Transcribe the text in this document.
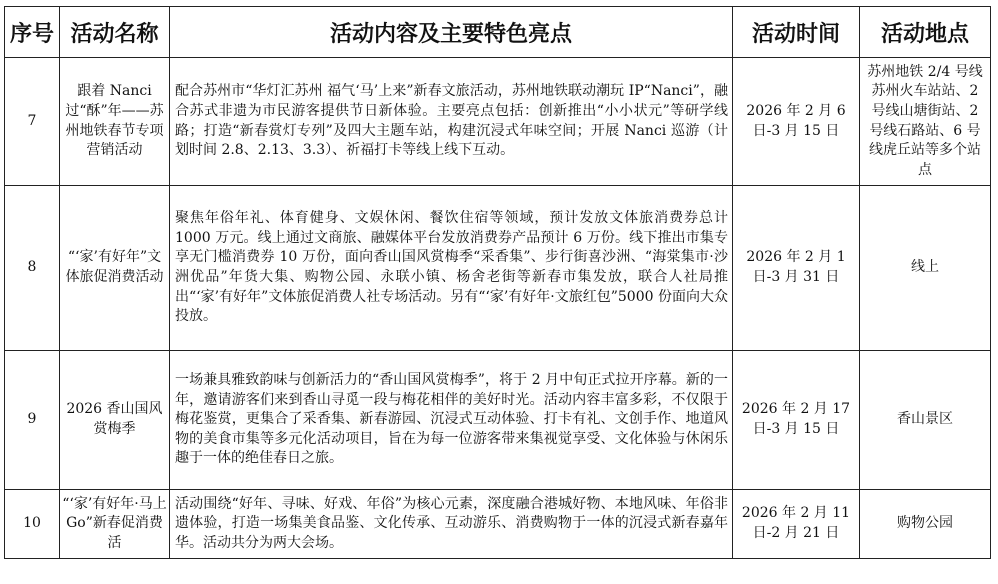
序号	活动名称	活动内容及主要特色亮点	活动时间	活动地点
7	跟着 Nanci 过“酥”年——苏州地铁春节专项营销活动	配合苏州市“华灯汇苏州 福气‘马’上来”新春文旅活动，苏州地铁联动潮玩 IP“Nanci”，融合苏式非遗为市民游客提供节日新体验。主要亮点包括：创新推出“小小状元”等研学线路；打造“新春赏灯专列”及四大主题车站，构建沉浸式年味空间；开展 Nanci 巡游（计划时间 2.8、2.13、3.3）、祈福打卡等线上线下互动。	2026 年 2 月 6 日-3 月 15 日	苏州地铁 2/4 号线苏州火车站站、2 号线山塘街站、2 号线石路站、6 号线虎丘站等多个站点
8	“‘家’有好年”文体旅促消费活动	聚焦年俗年礼、体育健身、文娱休闲、餐饮住宿等领域，预计发放文体旅消费券总计 1000 万元。线上通过文商旅、融媒体平台发放消费券产品预计 6 万份。线下推出市集专享无门槛消费券 10 万份，面向香山国风赏梅季“采香集”、步行街喜沙洲、“海棠集市·沙洲优品”年货大集、购物公园、永联小镇、杨舍老街等新春市集发放，联合人社局推出“‘家’有好年”文体旅促消费人社专场活动。另有“‘家’有好年·文旅红包”5000 份面向大众投放。	2026 年 2 月 1 日-3 月 31 日	线上
9	2026 香山国风赏梅季	一场兼具雅致韵味与创新活力的“香山国风赏梅季”，将于 2 月中旬正式拉开序幕。新的一年，邀请游客们来到香山寻觅一段与梅花相伴的美好时光。活动内容丰富多彩，不仅限于梅花鉴赏，更集合了采香集、新春游园、沉浸式互动体验、打卡有礼、文创手作、地道风物的美食市集等多元化活动项目，旨在为每一位游客带来集视觉享受、文化体验与休闲乐趣于一体的绝佳春日之旅。	2026 年 2 月 17 日-3 月 15 日	香山景区
10	“‘家’有好年·马上 Go”新春促消费活	活动围绕“好年、寻味、好戏、年俗”为核心元素，深度融合港城好物、本地风味、年俗非遗体验，打造一场集美食品鉴、文化传承、互动游乐、消费购物于一体的沉浸式新春嘉年华。活动共分为两大会场。	2026 年 2 月 11 日-2 月 21 日	购物公园
